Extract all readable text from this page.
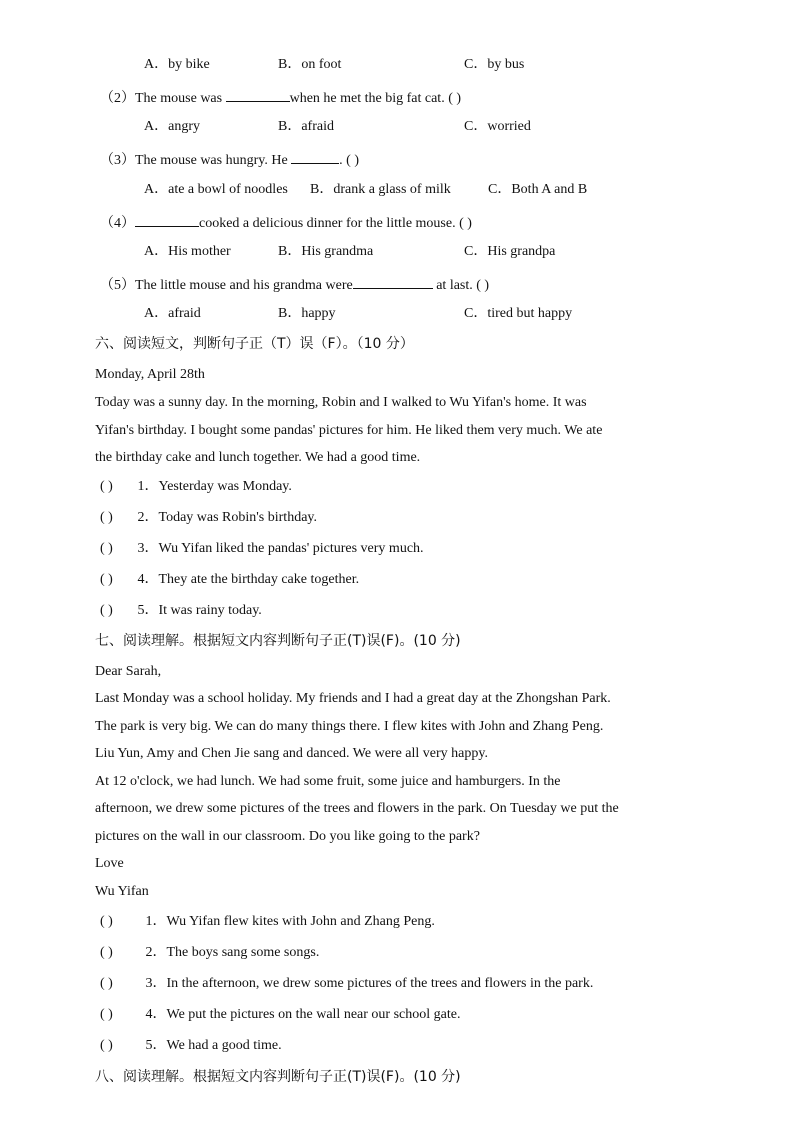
A．by bike	B．on foot	C．by bus
（2）The mouse was	when he met the big fat cat. ( )
A．angry	B．afraid	C．worried
（3）The mouse was hungry. He	. ( )
A．ate a bowl of noodles B．drank a glass of milk	C．Both A and B
（4）	cooked a delicious dinner for the little mouse. ( )
A．His mother	B．His grandma	C．His grandpa
（5）The little mouse and his grandma were	at last. ( )
A．afraid	B．happy	C．tired but happy
六、阅读短文，判断句子正（T）误（F）。（10 分）
Monday, April 28th

Today was a sunny day. In the morning, Robin and I walked to Wu Yifan's home. It was

Yifan's birthday. I bought some pandas' pictures for him. He liked them very much. We ate

the birthday cake and lunch together. We had a good time.

( ) 1．Yesterday was Monday.
( ) 2．Today was Robin's birthday.
( ) 3．Wu Yifan liked the pandas' pictures very much.
( ) 4．They ate the birthday cake together.
( ) 5．It was rainy today.
七、阅读理解。根据短文内容判断句子正(T)误(F)。(10 分)
Dear Sarah,

Last Monday was a school holiday. My friends and I had a great day at the Zhongshan Park.

The park is very big. We can do many things there. I flew kites with John and Zhang Peng.

Liu Yun, Amy and Chen Jie sang and danced. We were all very happy.

At 12 o'clock, we had lunch. We had some fruit, some juice and hamburgers. In the

afternoon, we drew some pictures of the trees and flowers in the park. On Tuesday we put the

pictures on the wall in our classroom. Do you like going to the park?

Love

Wu Yifan

( ) 1．Wu Yifan flew kites with John and Zhang Peng.
( ) 2．The boys sang some songs.
( ) 3．In the afternoon, we drew some pictures of the trees and flowers in the park.
( ) 4．We put the pictures on the wall near our school gate.
( ) 5．We had a good time.
八、阅读理解。根据短文内容判断句子正(T)误(F)。(10 分)
